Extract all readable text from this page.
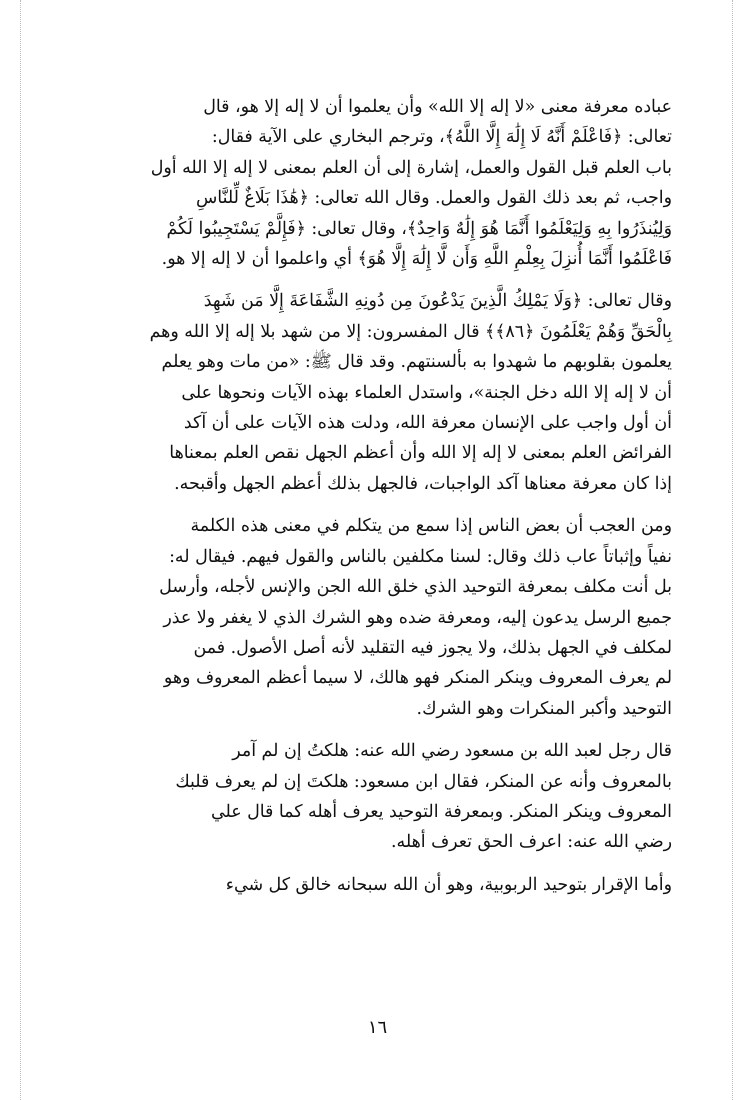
عباده معرفة معنى «لا إله إلا الله» وأن يعلموا أن لا إله إلا هو، قال
تعالى: ﴿فَاعْلَمْ أَنَّهُ لَا إِلَٰهَ إِلَّا اللَّهُ﴾، وترجم البخاري على الآية فقال:
باب العلم قبل القول والعمل، إشارة إلى أن العلم بمعنى لا إله إلا الله أول
واجب، ثم بعد ذلك القول والعمل. وقال الله تعالى: ﴿هَٰذَا بَلَاغٌ لِّلنَّاسِ
وَلِيُنذَرُوا بِهِ وَلِيَعْلَمُوا أَنَّمَا هُوَ إِلَٰهٌ وَاحِدٌ﴾، وقال تعالى: ﴿فَإِلَّمْ يَسْتَجِيبُوا لَكُمْ
فَاعْلَمُوا أَنَّمَا أُنزِلَ بِعِلْمِ اللَّهِ وَأَن لَّا إِلَٰهَ إِلَّا هُوَ﴾ أي واعلموا أن لا إله إلا هو.
وقال تعالى: ﴿وَلَا يَمْلِكُ الَّذِينَ يَدْعُونَ مِن دُونِهِ الشَّفَاعَةَ إِلَّا مَن شَهِدَ
بِالْحَقِّ وَهُمْ يَعْلَمُونَ ﴿٨٦﴾﴾ قال المفسرون: إلا من شهد بلا إله إلا الله وهم
يعلمون بقلوبهم ما شهدوا به بألسنتهم. وقد قال ﷺ: «من مات وهو يعلم
أن لا إله إلا الله دخل الجنة»، واستدل العلماء بهذه الآيات ونحوها على
أن أول واجب على الإنسان معرفة الله، ودلت هذه الآيات على أن آكد
الفرائض العلم بمعنى لا إله إلا الله وأن أعظم الجهل نقص العلم بمعناها
إذا كان معرفة معناها آكد الواجبات، فالجهل بذلك أعظم الجهل وأقبحه.
ومن العجب أن بعض الناس إذا سمع من يتكلم في معنى هذه الكلمة
نفياً وإثباتاً عاب ذلك وقال: لسنا مكلفين بالناس والقول فيهم. فيقال له:
بل أنت مكلف بمعرفة التوحيد الذي خلق الله الجن والإنس لأجله، وأرسل
جميع الرسل يدعون إليه، ومعرفة ضده وهو الشرك الذي لا يغفر ولا عذر
لمكلف في الجهل بذلك، ولا يجوز فيه التقليد لأنه أصل الأصول. فمن
لم يعرف المعروف وينكر المنكر فهو هالك، لا سيما أعظم المعروف وهو
التوحيد وأكبر المنكرات وهو الشرك.
قال رجل لعبد الله بن مسعود رضي الله عنه: هلكتُ إن لم آمر
بالمعروف وأنه عن المنكر، فقال ابن مسعود: هلكتَ إن لم يعرف قلبك
المعروف وينكر المنكر. وبمعرفة التوحيد يعرف أهله كما قال علي
رضي الله عنه: اعرف الحق تعرف أهله.
وأما الإقرار بتوحيد الربوبية، وهو أن الله سبحانه خالق كل شيء
١٦
